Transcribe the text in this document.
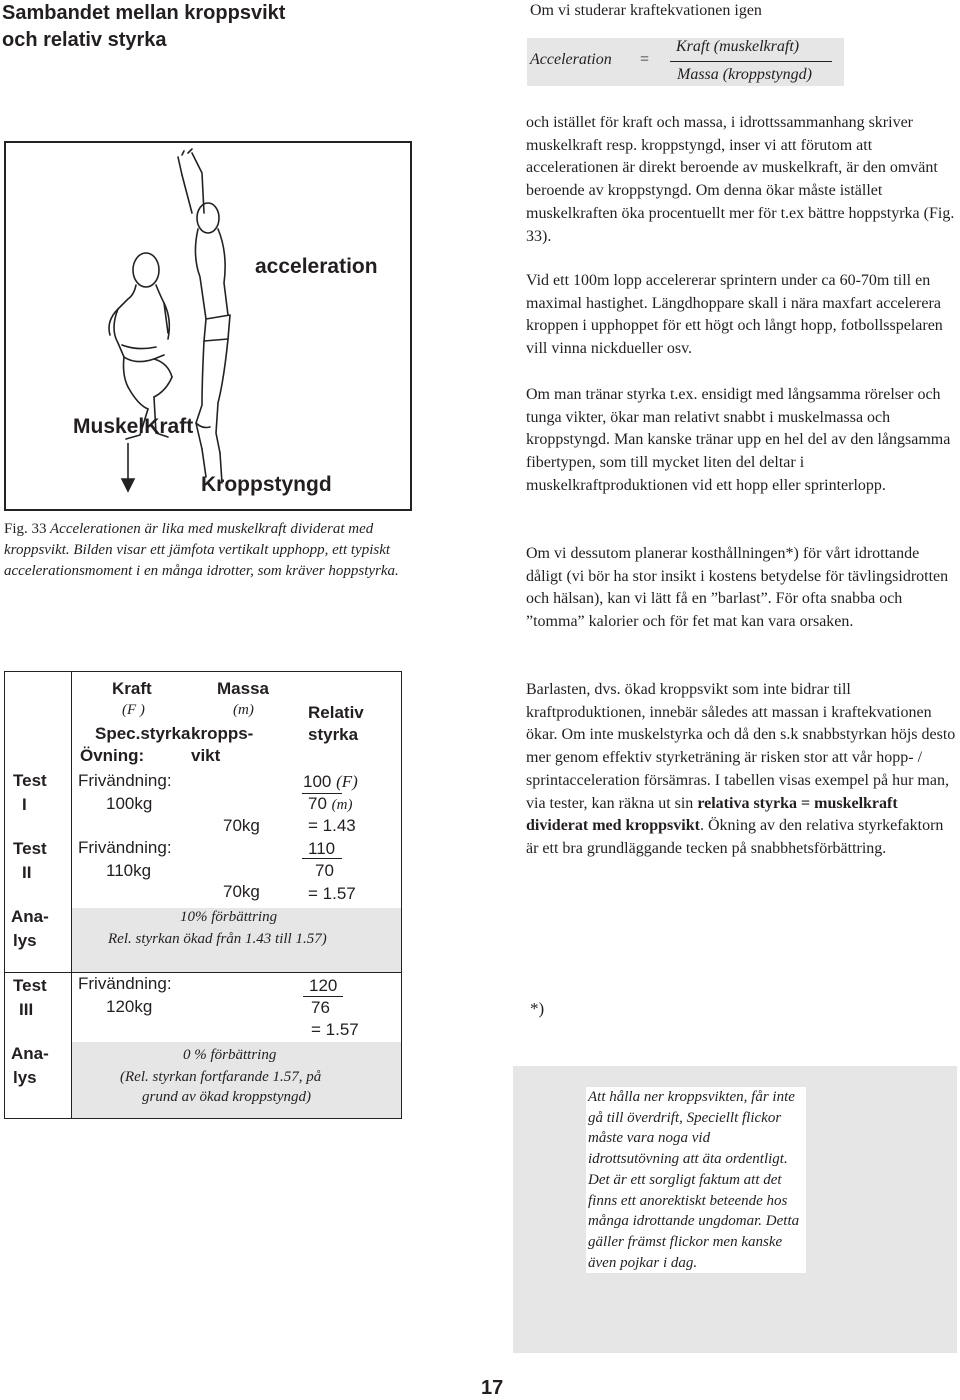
Sambandet mellan kroppsvikt
och relativ styrka
acceleration
MuskelKraft
Kroppstyngd
Fig. 33 Accelerationen är lika med muskelkraft dividerat med kroppsvikt. Bilden visar ett jämfota vertikalt upphopp, ett typiskt accelerationsmoment i en många idrotter, som kräver hoppstyrka.
Om vi studerar kraftekvationen igen
Acceleration =
Kraft (muskelkraft)
Massa (kroppstyngd)

och istället för kraft och massa, i idrottssammanhang skriver muskelkraft resp. kroppstyngd, inser vi att förutom att accelerationen är direkt beroende av muskelkraft, är den omvänt beroende av kroppstyngd. Om denna ökar måste istället muskelkraften öka procentuellt mer för t.ex bättre hoppstyrka (Fig. 33).

Vid ett 100m lopp accelererar sprintern under ca 60-70m till en maximal hastighet. Längdhoppare skall i nära maxfart accelerera kroppen i upphoppet för ett högt och långt hopp, fotbollsspelaren vill vinna nickdueller osv.

Om man tränar styrka t.ex. ensidigt med långsamma rörelser och tunga vikter, ökar man relativt snabbt i muskelmassa och kroppstyngd. Man kanske tränar upp en hel del av den långsamma fibertypen, som till mycket liten del deltar i muskelkraftproduktionen vid ett hopp eller sprinterlopp.

Om vi dessutom planerar kosthållningen*) för vårt idrottande dåligt (vi bör ha stor insikt i kostens betydelse för tävlingsidrotten och hälsan), kan vi lätt få en ”barlast”. För ofta snabba och ”tomma” kalorier och för fet mat kan vara orsaken.

Barlasten, dvs. ökad kroppsvikt som inte bidrar till kraftproduktionen, innebär således att massan i kraftekvationen ökar. Om inte muskelstyrka och då den s.k snabbstyrkan höjs desto mer genom effektiv styrketräning är risken stor att vår hopp- / sprintacceleration försämras. I tabellen visas exempel på hur man, via tester, kan räkna ut sin relativa styrka = muskelkraft dividerat med kroppsvikt. Ökning av den relativa styrkefaktorn är ett bra grundläggande tecken på snabbhetsförbättring.

Kraft
(F )
Spec.styrka
Övning:
Massa
(m)
kropps-
vikt
Relativ
styrka
Test
I
Test
II
Ana-
lys
Frivändning:
100kg
Frivändning:
110kg
70kg
70kg
100 (F)
70 (m)
= 1.43
110
70
= 1.57
10% förbättring
Rel. styrkan ökad från 1.43 till 1.57)
Test
III
Ana-
lys
Frivändning:
120kg
120
76
= 1.57
0 % förbättring
(Rel. styrkan fortfarande 1.57, på
grund av ökad kroppstyngd)
*)
Att hålla ner kroppsvikten, får inte gå till överdrift, Speciellt flickor måste vara noga vid idrottsutövning att äta ordentligt. Det är ett sorgligt faktum att det finns ett anorektiskt beteende hos många idrottande ungdomar. Detta gäller främst flickor men kanske även pojkar i dag.
17
